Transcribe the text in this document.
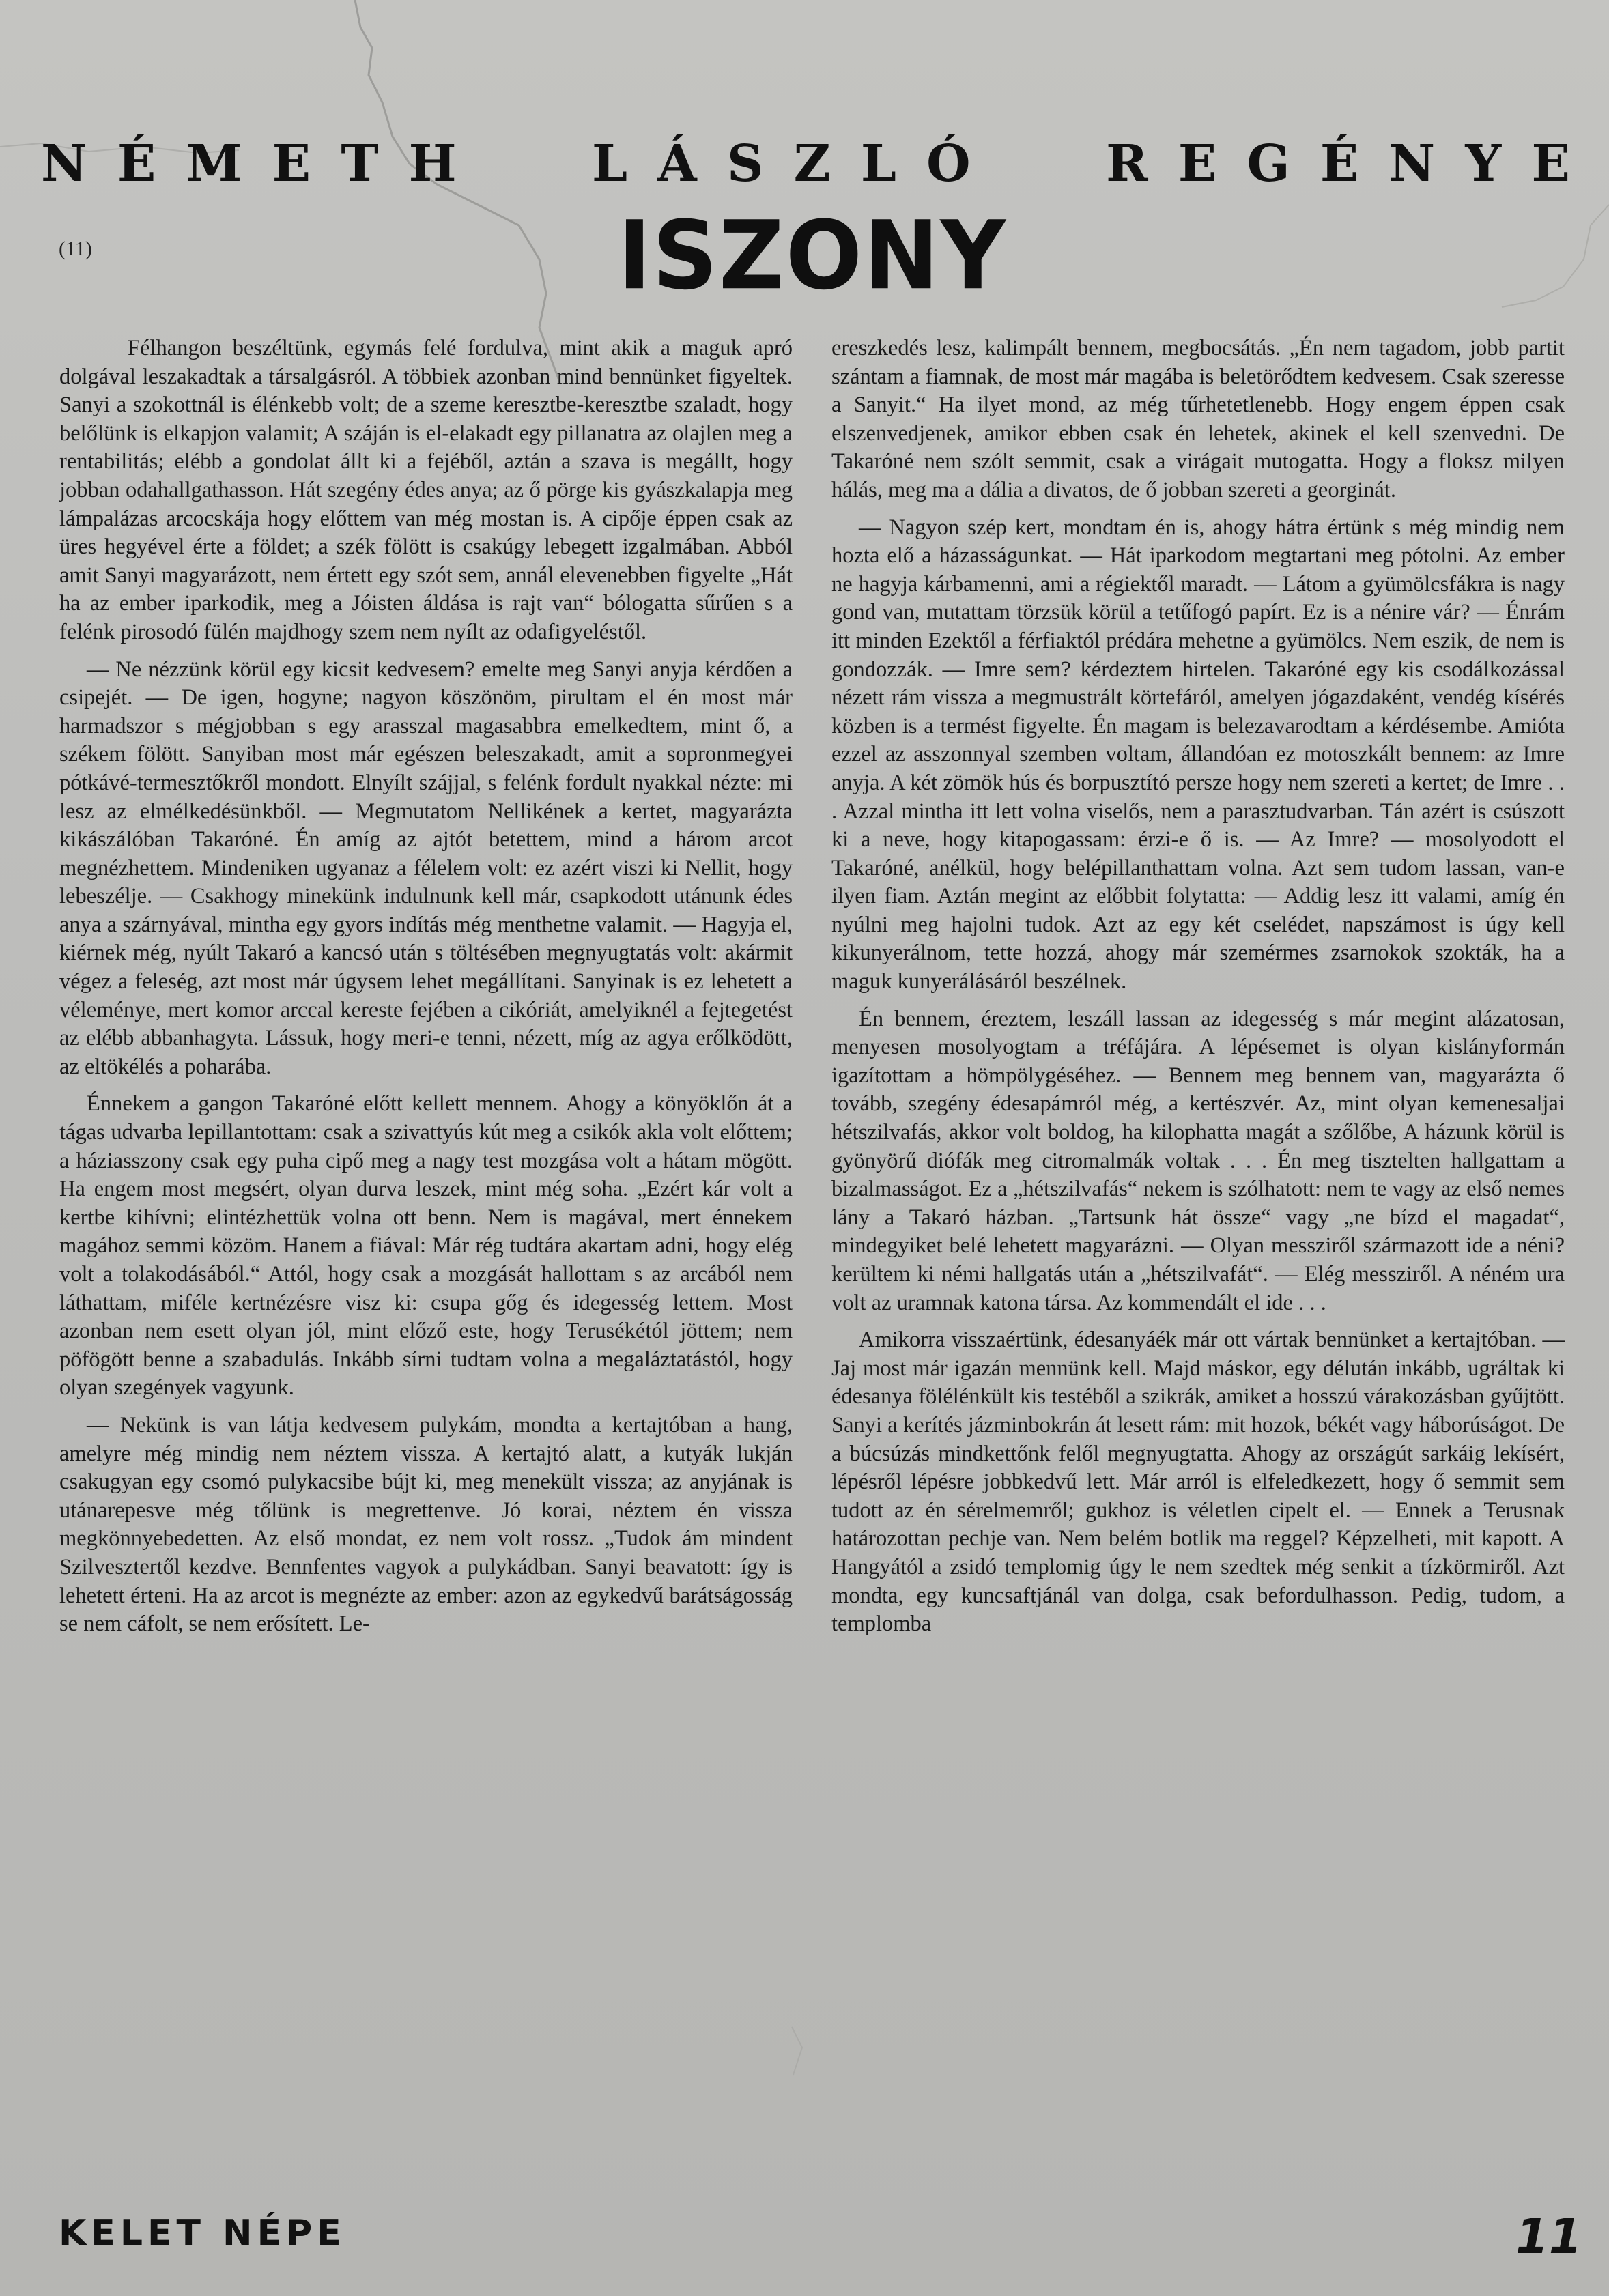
N É M E T H	L Á S Z L Ó	R E G É N Y E
(11)	ISZONY

Félhangon beszéltünk, egymás felé fordulva, mint akik a maguk apró dolgával leszakadtak a társalgásról. A többiek azonban mind bennünket figyeltek. Sanyi a szokottnál is élénkebb volt; de a szeme keresztbe-keresztbe szaladt, hogy belőlünk is elkapjon valamit; A száján is el-elakadt egy pillanatra az olajlen meg a rentabilitás; elébb a gondolat állt ki a fejéből, aztán a szava is megállt, hogy jobban odahallgathasson. Hát szegény édes anya; az ő pörge kis gyászkalapja meg lámpalázas arcocskája hogy előttem van még mostan is. A cipője éppen csak az üres hegyével érte a földet; a szék fölött is csakúgy lebegett izgalmában. Abból amit Sanyi magyarázott, nem értett egy szót sem, annál elevenebben figyelte „Hát ha az ember iparkodik, meg a Jóisten áldása is rajt van“ bólogatta sűrűen s a felénk pirosodó fülén majdhogy szem nem nyílt az odafigyeléstől.

— Ne nézzünk körül egy kicsit kedvesem? emelte meg Sanyi anyja kérdően a csipejét. — De igen, hogyne; nagyon köszönöm, pirultam el én most már harmadszor s mégjobban s egy arasszal magasabbra emelkedtem, mint ő, a székem fölött. Sanyiban most már egészen beleszakadt, amit a sopronmegyei pótkávé-termesztőkről mondott. Elnyílt szájjal, s felénk fordult nyakkal nézte: mi lesz az elmélkedésünkből. — Megmutatom Nellikének a kertet, magyarázta kikászálóban Takaróné. Én amíg az ajtót betettem, mind a három arcot megnézhettem. Mindeniken ugyanaz a félelem volt: ez azért viszi ki Nellit, hogy lebeszélje. — Csakhogy minekünk indulnunk kell már, csapkodott utánunk édes anya a szárnyával, mintha egy gyors indítás még menthetne valamit. — Hagyja el, kiérnek még, nyúlt Takaró a kancsó után s töltésében megnyugtatás volt: akármit végez a feleség, azt most már úgysem lehet megállítani. Sanyinak is ez lehetett a véleménye, mert komor arccal kereste fejében a cikóriát, amelyiknél a fejtegetést az elébb abbanhagyta. Lássuk, hogy meri-e tenni, nézett, míg az agya erőlködött, az eltökélés a poharába.

Énnekem a gangon Takaróné előtt kellett mennem. Ahogy a könyöklőn át a tágas udvarba lepillantottam: csak a szivattyús kút meg a csikók akla volt előttem; a háziasszony csak egy puha cipő meg a nagy test mozgása volt a hátam mögött. Ha engem most megsért, olyan durva leszek, mint még soha. „Ezért kár volt a kertbe kihívni; elintézhettük volna ott benn. Nem is magával, mert énnekem magához semmi közöm. Hanem a fiával: Már rég tudtára akartam adni, hogy elég volt a tolakodásából.“ Attól, hogy csak a mozgását hallottam s az arcából nem láthattam, miféle kertnézésre visz ki: csupa gőg és idegesség lettem. Most azonban nem esett olyan jól, mint előző este, hogy Terusékétól jöttem; nem pöfögött benne a szabadulás. Inkább sírni tudtam volna a megaláztatástól, hogy olyan szegények vagyunk.

— Nekünk is van látja kedvesem pulykám, mondta a kertajtóban a hang, amelyre még mindig nem néztem vissza. A kertajtó alatt, a kutyák lukján csakugyan egy csomó pulykacsibe bújt ki, meg menekült vissza; az anyjának is utánarepesve még tőlünk is megrettenve. Jó korai, néztem én vissza megkönnyebedetten. Az első mondat, ez nem volt rossz. „Tudok ám mindent Szilvesztertől kezdve. Bennfentes vagyok a pulykádban. Sanyi beavatott: így is lehetett érteni. Ha az arcot is megnézte az ember: azon az egykedvű barátságosság se nem cáfolt, se nem erősített. Le-

ereszkedés lesz, kalimpált bennem, megbocsátás. „Én nem tagadom, jobb partit szántam a fiamnak, de most már magába is beletörődtem kedvesem. Csak szeresse a Sanyit.“ Ha ilyet mond, az még tűrhetetlenebb. Hogy engem éppen csak elszenvedjenek, amikor ebben csak én lehetek, akinek el kell szenvedni. De Takaróné nem szólt semmit, csak a virágait mutogatta. Hogy a floksz milyen hálás, meg ma a dália a divatos, de ő jobban szereti a georginát.

— Nagyon szép kert, mondtam én is, ahogy hátra értünk s még mindig nem hozta elő a házasságunkat. — Hát iparkodom megtartani meg pótolni. Az ember ne hagyja kárbamenni, ami a régiektől maradt. — Látom a gyümölcsfákra is nagy gond van, mutattam törzsük körül a tetűfogó papírt. Ez is a nénire vár? — Énrám itt minden Ezektől a férfiaktól prédára mehetne a gyümölcs. Nem eszik, de nem is gondozzák. — Imre sem? kérdeztem hirtelen. Takaróné egy kis csodálkozással nézett rám vissza a megmustrált körtefáról, amelyen jógazdaként, vendég kísérés közben is a termést figyelte. Én magam is belezavarodtam a kérdésembe. Amióta ezzel az asszonnyal szemben voltam, állandóan ez motoszkált bennem: az Imre anyja. A két zömök hús és borpusztító persze hogy nem szereti a kertet; de Imre . . . Azzal mintha itt lett volna viselős, nem a parasztudvarban. Tán azért is csúszott ki a neve, hogy kitapogassam: érzi-e ő is. — Az Imre? — mosolyodott el Takaróné, anélkül, hogy belépillanthattam volna. Azt sem tudom lassan, van-e ilyen fiam. Aztán megint az előbbit folytatta: — Addig lesz itt valami, amíg én nyúlni meg hajolni tudok. Azt az egy két cselédet, napszámost is úgy kell kikunyerálnom, tette hozzá, ahogy már szemérmes zsarnokok szokták, ha a maguk kunyerálásáról beszélnek.

Én bennem, éreztem, leszáll lassan az idegesség s már megint alázatosan, menyesen mosolyogtam a tréfájára. A lépésemet is olyan kislányformán igazítottam a hömpölygéséhez. — Bennem meg bennem van, magyarázta ő tovább, szegény édesapámról még, a kertészvér. Az, mint olyan kemenesaljai hétszilvafás, akkor volt boldog, ha kilophatta magát a szőlőbe, A házunk körül is gyönyörű diófák meg citromalmák voltak . . . Én meg tisztelten hallgattam a bizalmasságot. Ez a „hétszilvafás“ nekem is szólhatott: nem te vagy az első nemes lány a Takaró házban. „Tartsunk hát össze“ vagy „ne bízd el magadat“, mindegyiket belé lehetett magyarázni. — Olyan messziről származott ide a néni? kerültem ki némi hallgatás után a „hétszilvafát“. — Elég messziről. A néném ura volt az uramnak katona társa. Az kommendált el ide . . .

Amikorra visszaértünk, édesanyáék már ott vártak bennünket a kertajtóban. — Jaj most már igazán mennünk kell. Majd máskor, egy délután inkább, ugráltak ki édesanya fölélénkült kis testéből a szikrák, amiket a hosszú várakozásban gyűjtött. Sanyi a kerítés jázminbokrán át lesett rám: mit hozok, békét vagy háborúságot. De a búcsúzás mindkettőnk felől megnyugtatta. Ahogy az országút sarkáig lekísért, lépésről lépésre jobbkedvű lett. Már arról is elfeledkezett, hogy ő semmit sem tudott az én sérelmemről; gukhoz is véletlen cipelt el. — Ennek a Terusnak határozottan pechje van. Nem belém botlik ma reggel? Képzelheti, mit kapott. A Hangyától a zsidó templomig úgy le nem szedtek még senkit a tízkörmiről. Azt mondta, egy kuncsaftjánál van dolga, csak befordulhasson. Pedig, tudom, a templomba

KELET NÉPE	11
